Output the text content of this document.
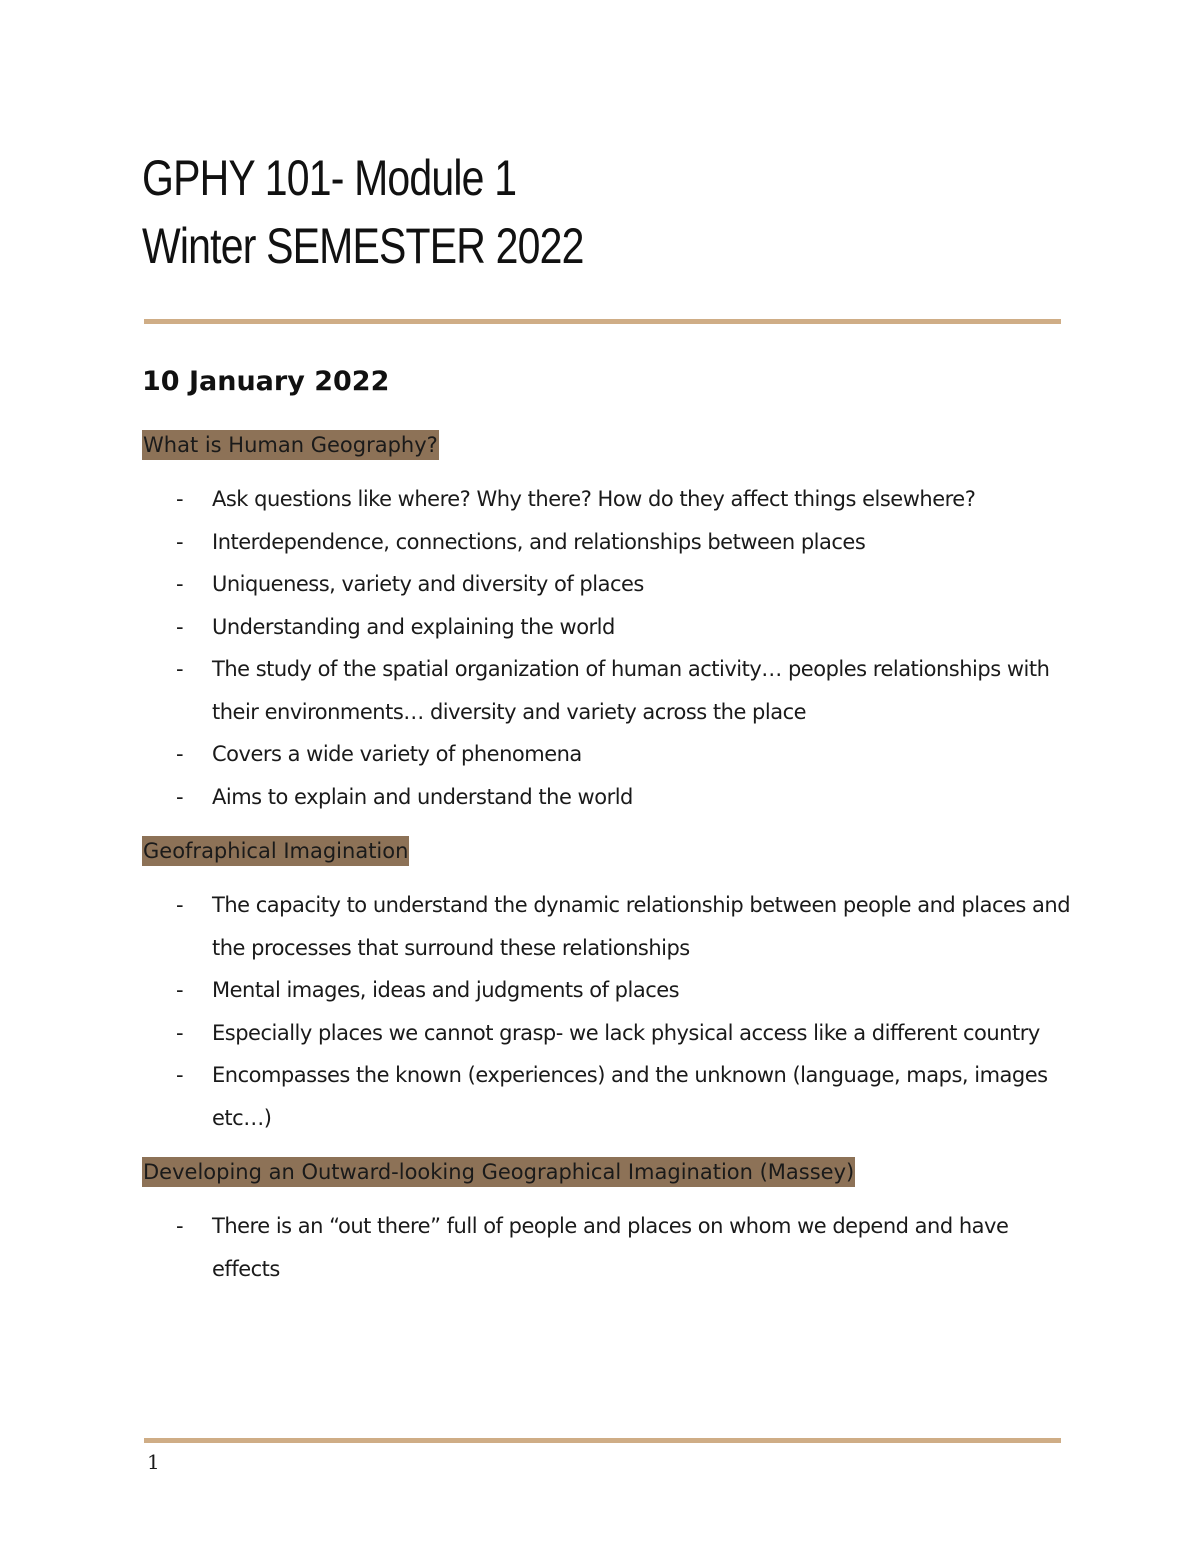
GPHY 101- Module 1
Winter SEMESTER 2022
10 January 2022
What is Human Geography?
- Ask questions like where? Why there? How do they affect things elsewhere?
- Interdependence, connections, and relationships between places
- Uniqueness, variety and diversity of places
- Understanding and explaining the world
- The study of the spatial organization of human activity… peoples relationships with their environments… diversity and variety across the place
- Covers a wide variety of phenomena
- Aims to explain and understand the world
Geofraphical Imagination
- The capacity to understand the dynamic relationship between people and places and the processes that surround these relationships
- Mental images, ideas and judgments of places
- Especially places we cannot grasp- we lack physical access like a different country
- Encompasses the known (experiences) and the unknown (language, maps, images etc…)
Developing an Outward-looking Geographical Imagination (Massey)
- There is an “out there” full of people and places on whom we depend and have effects
1
